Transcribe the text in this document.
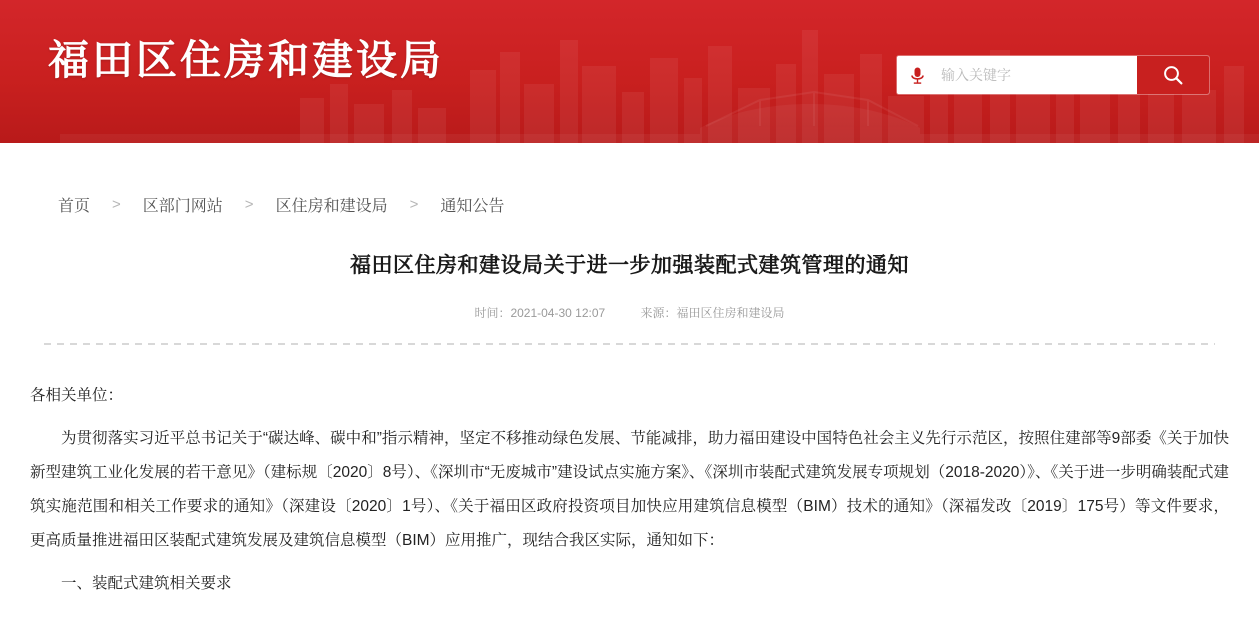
福田区住房和建设局
输入关键字
首页 > 区部门网站 > 区住房和建设局 > 通知公告
福田区住房和建设局关于进一步加强装配式建筑管理的通知
时间：2021-04-30 12:07	来源：福田区住房和建设局

各相关单位：

为贯彻落实习近平总书记关于“碳达峰、碳中和”指示精神，坚定不移推动绿色发展、节能减排，助力福田建设中国特色社会主义先行示范区，按照住建部等9部委《关于加快新型建筑工业化发展的若干意见》（建标规〔2020〕8号）、《深圳市“无废城市”建设试点实施方案》、《深圳市装配式建筑发展专项规划（2018-2020）》、《关于进一步明确装配式建筑实施范围和相关工作要求的通知》（深建设〔2020〕1号）、《关于福田区政府投资项目加快应用建筑信息模型（BIM）技术的通知》（深福发改〔2019〕175号）等文件要求，更高质量推进福田区装配式建筑发展及建筑信息模型（BIM）应用推广，现结合我区实际，通知如下：

一、装配式建筑相关要求
